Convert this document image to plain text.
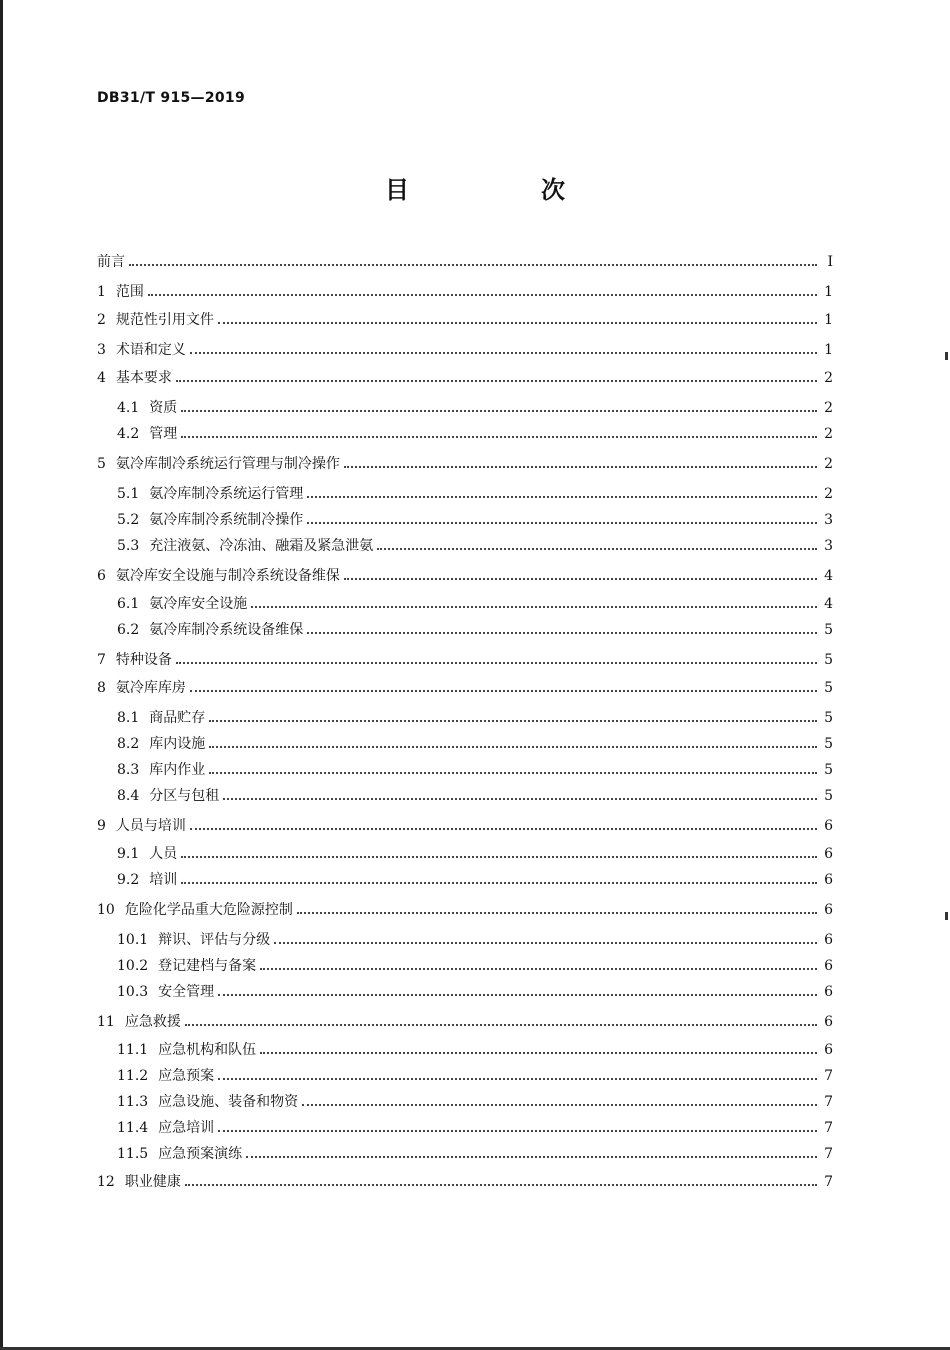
DB31/T 915—2019
目　次
前言	I
1 范围	1
2 规范性引用文件	1
3 术语和定义	1
4 基本要求	2
4.1 资质	2
4.2 管理	2
5 氨冷库制冷系统运行管理与制冷操作	2
5.1 氨冷库制冷系统运行管理	2
5.2 氨冷库制冷系统制冷操作	3
5.3 充注液氨、冷冻油、融霜及紧急泄氨	3
6 氨冷库安全设施与制冷系统设备维保	4
6.1 氨冷库安全设施	4
6.2 氨冷库制冷系统设备维保	5
7 特种设备	5
8 氨冷库库房	5
8.1 商品贮存	5
8.2 库内设施	5
8.3 库内作业	5
8.4 分区与包租	5
9 人员与培训	6
9.1 人员	6
9.2 培训	6
10 危险化学品重大危险源控制	6
10.1 辩识、评估与分级	6
10.2 登记建档与备案	6
10.3 安全管理	6
11 应急救援	6
11.1 应急机构和队伍	6
11.2 应急预案	7
11.3 应急设施、装备和物资	7
11.4 应急培训	7
11.5 应急预案演练	7
12 职业健康	7
